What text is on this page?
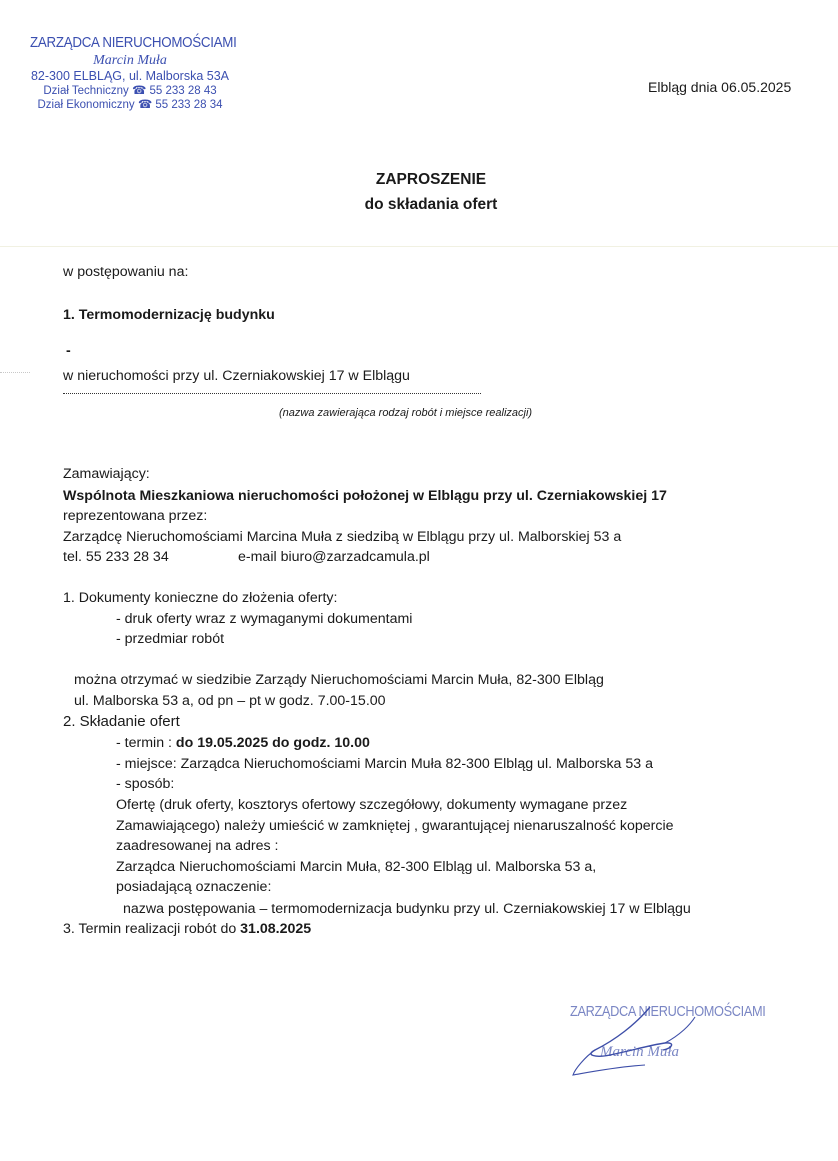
ZARZĄDCA NIERUCHOMOŚCIAMI
Marcin Muła
82-300 ELBLĄG, ul. Malborska 53A
Dział Techniczny ☎ 55 233 28 43
Dział Ekonomiczny ☎ 55 233 28 34
Elbląg dnia 06.05.2025
ZAPROSZENIE
do składania ofert
w postępowaniu na:
1. Termomodernizację budynku
-
w nieruchomości przy ul. Czerniakowskiej 17 w Elblągu
(nazwa zawierająca rodzaj robót i miejsce realizacji)
Zamawiający:
Wspólnota Mieszkaniowa nieruchomości położonej w Elblągu przy ul. Czerniakowskiej 17
reprezentowana przez:
Zarządcę Nieruchomościami Marcina Muła z siedzibą w Elblągu przy ul. Malborskiej 53 a
tel. 55 233 28 34	e-mail biuro@zarzadcamula.pl
1. Dokumenty konieczne do złożenia oferty:
- druk oferty wraz z wymaganymi dokumentami
- przedmiar robót
można otrzymać w siedzibie Zarządy Nieruchomościami Marcin Muła, 82-300 Elbląg
ul. Malborska 53 a, od pn – pt w godz. 7.00-15.00
2. Składanie ofert
- termin : do 19.05.2025 do godz. 10.00
- miejsce: Zarządca Nieruchomościami Marcin Muła 82-300 Elbląg ul. Malborska 53 a
- sposób:
Ofertę (druk oferty, kosztorys ofertowy szczegółowy, dokumenty wymagane przez
Zamawiającego) należy umieścić w zamkniętej , gwarantującej nienaruszalność kopercie
zaadresowanej na adres :
Zarządca Nieruchomościami Marcin Muła, 82-300 Elbląg ul. Malborska 53 a,
posiadającą oznaczenie:
nazwa postępowania – termomodernizacja budynku przy ul. Czerniakowskiej 17 w Elblągu
3. Termin realizacji robót do 31.08.2025
ZARZĄDCA NIERUCHOMOŚCIAMI
Marcin Muła
